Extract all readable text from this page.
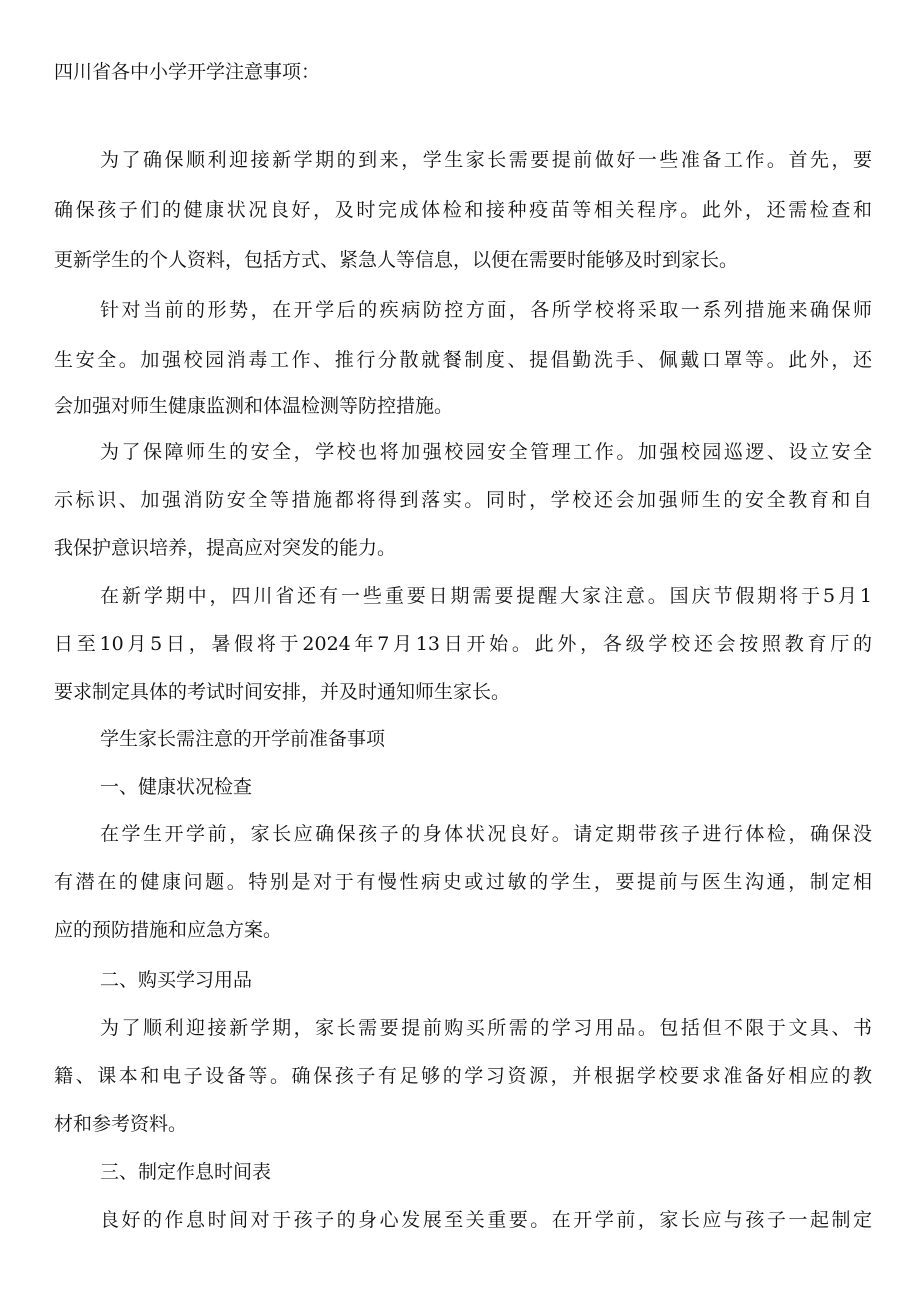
四川省各中小学开学注意事项：
为了确保顺利迎接新学期的到来，学生家长需要提前做好一些准备工作。首先，要
确保孩子们的健康状况良好，及时完成体检和接种疫苗等相关程序。此外，还需检查和
更新学生的个人资料，包括方式、紧急人等信息，以便在需要时能够及时到家长。
针对当前的形势，在开学后的疾病防控方面，各所学校将采取一系列措施来确保师
生安全。加强校园消毒工作、推行分散就餐制度、提倡勤洗手、佩戴口罩等。此外，还
会加强对师生健康监测和体温检测等防控措施。
为了保障师生的安全，学校也将加强校园安全管理工作。加强校园巡逻、设立安全
示标识、加强消防安全等措施都将得到落实。同时，学校还会加强师生的安全教育和自
我保护意识培养，提高应对突发的能力。
在新学期中，四川省还有一些重要日期需要提醒大家注意。国庆节假期将于5月1
日至10月5日，暑假将于2024年7月13日开始。此外，各级学校还会按照教育厅的
要求制定具体的考试时间安排，并及时通知师生家长。
学生家长需注意的开学前准备事项
一、健康状况检查
在学生开学前，家长应确保孩子的身体状况良好。请定期带孩子进行体检，确保没
有潜在的健康问题。特别是对于有慢性病史或过敏的学生，要提前与医生沟通，制定相
应的预防措施和应急方案。
二、购买学习用品
为了顺利迎接新学期，家长需要提前购买所需的学习用品。包括但不限于文具、书
籍、课本和电子设备等。确保孩子有足够的学习资源，并根据学校要求准备好相应的教
材和参考资料。
三、制定作息时间表
良好的作息时间对于孩子的身心发展至关重要。在开学前，家长应与孩子一起制定
